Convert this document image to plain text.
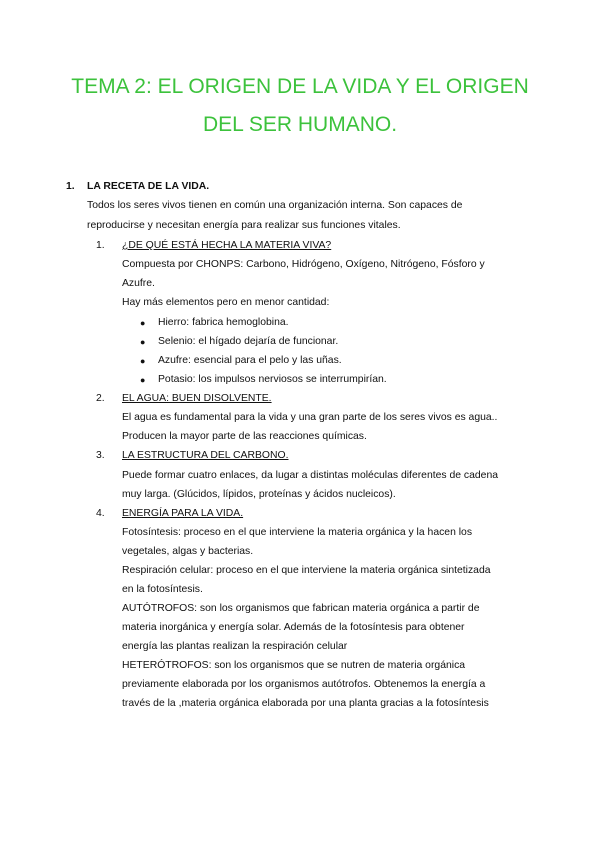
TEMA 2: EL ORIGEN DE LA VIDA Y EL ORIGEN
DEL SER HUMANO.
1. LA RECETA DE LA VIDA.
Todos los seres vivos tienen en común una organización interna. Son capaces de
reproducirse y necesitan energía para realizar sus funciones vitales.
1. ¿DE QUÉ ESTÁ HECHA LA MATERIA VIVA?
Compuesta por CHONPS: Carbono, Hidrógeno, Oxígeno, Nitrógeno, Fósforo y
Azufre.
Hay más elementos pero en menor cantidad:
● Hierro: fabrica hemoglobina.
● Selenio: el hígado dejaría de funcionar.
● Azufre: esencial para el pelo y las uñas.
● Potasio: los impulsos nerviosos se interrumpirían.
2. EL AGUA: BUEN DISOLVENTE.
El agua es fundamental para la vida y una gran parte de los seres vivos es agua..
Producen la mayor parte de las reacciones químicas.
3. LA ESTRUCTURA DEL CARBONO.
Puede formar cuatro enlaces, da lugar a distintas moléculas diferentes de cadena
muy larga. (Glúcidos, lípidos, proteínas y ácidos nucleicos).
4. ENERGÍA PARA LA VIDA.
Fotosíntesis: proceso en el que interviene la materia orgánica y la hacen los
vegetales, algas y bacterias.
Respiración celular: proceso en el que interviene la materia orgánica sintetizada
en la fotosíntesis.
AUTÓTROFOS: son los organismos que fabrican materia orgánica a partir de
materia inorgánica y energía solar. Además de la fotosíntesis para obtener
energía las plantas realizan la respiración celular
HETERÓTROFOS: son los organismos que se nutren de materia orgánica
previamente elaborada por los organismos autótrofos. Obtenemos la energía a
través de la ,materia orgánica elaborada por una planta gracias a la fotosíntesis
